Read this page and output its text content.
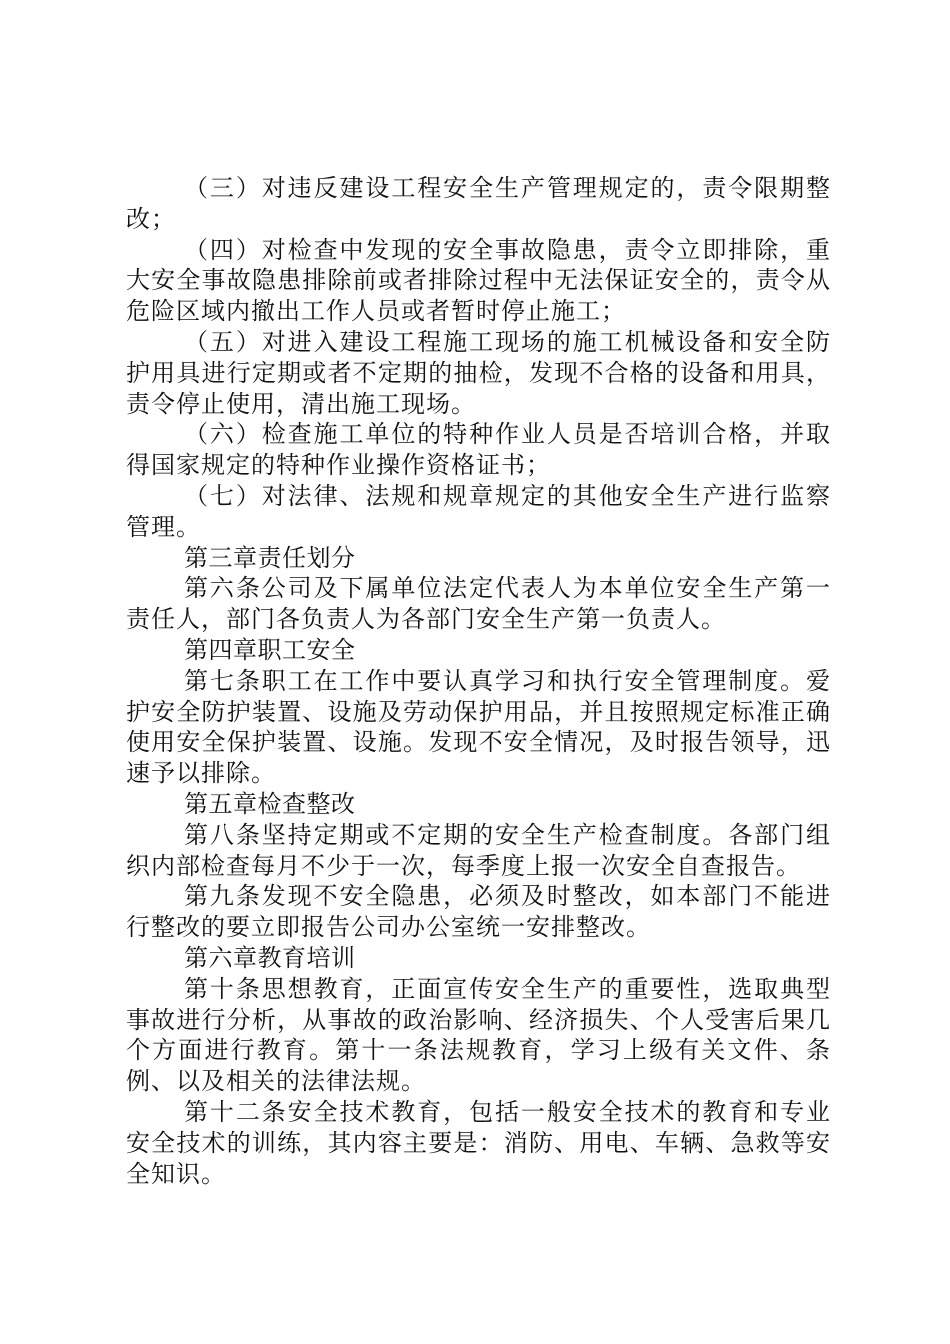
（三）对违反建设工程安全生产管理规定的，责令限期整改；

（四）对检查中发现的安全事故隐患，责令立即排除，重大安全事故隐患排除前或者排除过程中无法保证安全的，责令从危险区域内撤出工作人员或者暂时停止施工；

（五）对进入建设工程施工现场的施工机械设备和安全防护用具进行定期或者不定期的抽检，发现不合格的设备和用具，责令停止使用，清出施工现场。

（六）检查施工单位的特种作业人员是否培训合格，并取得国家规定的特种作业操作资格证书；

（七）对法律、法规和规章规定的其他安全生产进行监察管理。

第三章责任划分

第六条公司及下属单位法定代表人为本单位安全生产第一责任人，部门各负责人为各部门安全生产第一负责人。

第四章职工安全

第七条职工在工作中要认真学习和执行安全管理制度。爱护安全防护装置、设施及劳动保护用品，并且按照规定标准正确使用安全保护装置、设施。发现不安全情况，及时报告领导，迅速予以排除。

第五章检查整改

第八条坚持定期或不定期的安全生产检查制度。各部门组织内部检查每月不少于一次，每季度上报一次安全自查报告。

第九条发现不安全隐患，必须及时整改，如本部门不能进行整改的要立即报告公司办公室统一安排整改。

第六章教育培训

第十条思想教育，正面宣传安全生产的重要性，选取典型事故进行分析，从事故的政治影响、经济损失、个人受害后果几个方面进行教育。第十一条法规教育，学习上级有关文件、条例、以及相关的法律法规。

第十二条安全技术教育，包括一般安全技术的教育和专业安全技术的训练，其内容主要是：消防、用电、车辆、急救等安全知识。
